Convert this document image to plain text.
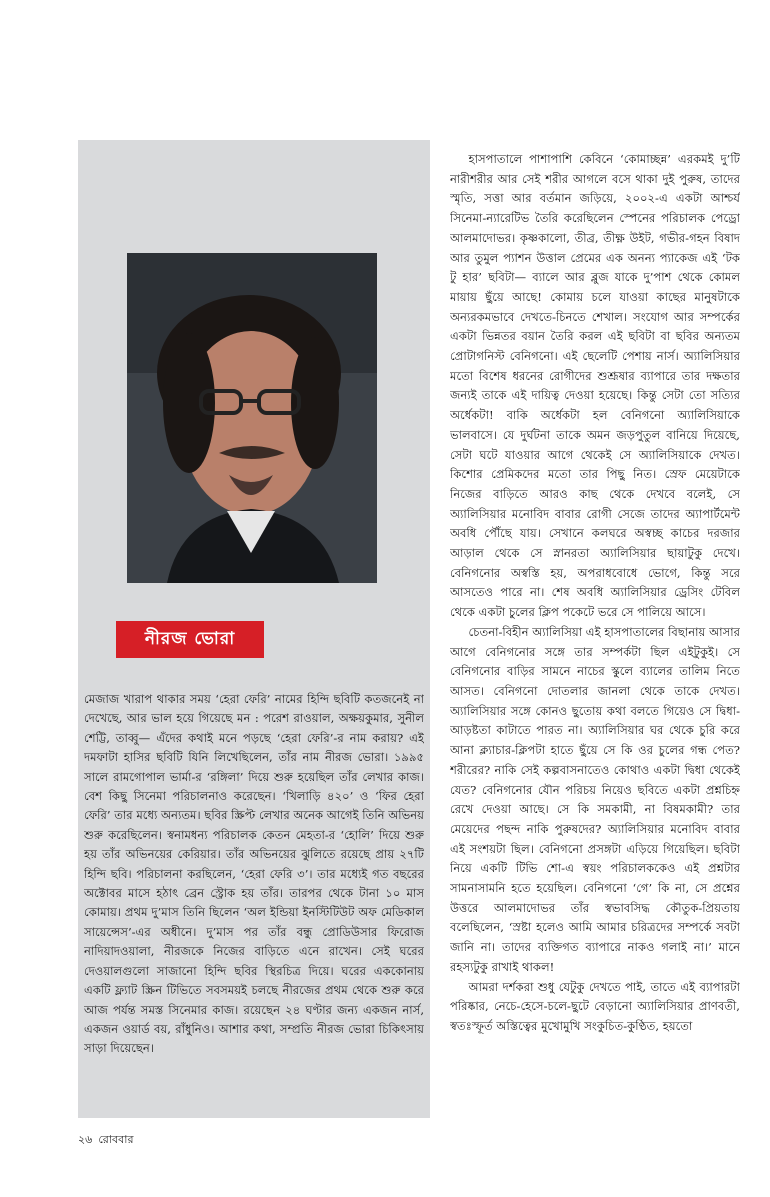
নীরজ ভোরা

মেজাজ খারাপ থাকার সময় ‘হেরা ফেরি’ নামের হিন্দি ছবিটি কতজনেই না দেখেছে, আর ভাল হয়ে গিয়েছে মন : পরেশ রাওয়াল, অক্ষয়কুমার, সুনীল শেট্টি, তাব্বু— এঁদের কথাই মনে পড়ছে ‘হেরা ফেরি’-র নাম করায়? এই দমফাটা হাসির ছবিটি যিনি লিখেছিলেন, তাঁর নাম নীরজ ভোরা। ১৯৯৫ সালে রামগোপাল ভার্মা-র ‘রঙ্গিলা’ দিয়ে শুরু হয়েছিল তাঁর লেখার কাজ। বেশ কিছু সিনেমা পরিচালনাও করেছেন। ‘খিলাড়ি ৪২০’ ও ‘ফির হেরা ফেরি’ তার মধ্যে অন্যতম। ছবির স্ক্রিপ্ট লেখার অনেক আগেই তিনি অভিনয় শুরু করেছিলেন। স্বনামধন্য পরিচালক কেতন মেহতা-র ‘হোলি’ দিয়ে শুরু হয় তাঁর অভিনয়ের কেরিয়ার। তাঁর অভিনয়ের ঝুলিতে রয়েছে প্রায় ২৭টি হিন্দি ছবি। পরিচালনা করছিলেন, ‘হেরা ফেরি ৩’। তার মধ্যেই গত বছরের অক্টোবর মাসে হঠাৎ ব্রেন স্ট্রোক হয় তাঁর। তারপর থেকে টানা ১০ মাস কোমায়। প্রথম দু’মাস তিনি ছিলেন ‘অল ইন্ডিয়া ইনস্টিটিউট অফ মেডিকাল সায়েন্সেস’-এর অধীনে। দু’মাস পর তাঁর বন্ধু প্রোডিউসার ফিরোজ নাদিয়াদওয়ালা, নীরজকে নিজের বাড়িতে এনে রাখেন। সেই ঘরের দেওয়ালগুলো সাজানো হিন্দি ছবির স্থিরচিত্র দিয়ে। ঘরের এককোনায় একটি ফ্ল্যাট স্ক্রিন টিভিতে সবসময়ই চলছে নীরজের প্রথম থেকে শুরু করে আজ পর্যন্ত সমস্ত সিনেমার কাজ। রয়েছেন ২৪ ঘণ্টার জন্য একজন নার্স, একজন ওয়ার্ড বয়, রাঁধুনিও। আশার কথা, সম্প্রতি নীরজ ভোরা চিকিৎসায় সাড়া দিয়েছেন।

হাসপাতালে পাশাপাশি কেবিনে ‘কোমাচ্ছন্ন’ এরকমই দু’টি নারীশরীর আর সেই শরীর আগলে বসে থাকা দুই পুরুষ, তাদের স্মৃতি, সত্তা আর বর্তমান জড়িয়ে, ২০০২-এ একটা আশ্চর্য সিনেমা-ন্যারেটিভ তৈরি করেছিলেন স্পেনের পরিচালক পেড্রো আলমাদোভর। কৃষ্ণকালো, তীব্র, তীক্ষ্ণ উইট, গভীর-গহন বিষাদ আর তুমুল প্যাশন উত্তাল প্রেমের এক অনন্য প্যাকেজ এই ‘টক টু হার’ ছবিটা— ব্যালে আর ব্লুজ যাকে দু’পাশ থেকে কোমল মায়ায় ছুঁয়ে আছে! কোমায় চলে যাওয়া কাছের মানুষটাকে অন্যরকমভাবে দেখতে-চিনতে শেখাল। সংযোগ আর সম্পর্কের একটা ভিন্নতর বয়ান তৈরি করল এই ছবিটা বা ছবির অন্যতম প্রোটাগনিস্ট বেনিগনো। এই ছেলেটি পেশায় নার্স। অ্যালিসিয়ার মতো বিশেষ ধরনের রোগীদের শুশ্রূষার ব্যাপারে তার দক্ষতার জন্যই তাকে এই দায়িত্ব দেওয়া হয়েছে। কিন্তু সেটা তো সত্যির অর্ধেকটা! বাকি অর্ধেকটা হল বেনিগনো অ্যালিসিয়াকে ভালবাসে। যে দুর্ঘটনা তাকে অমন জড়পুতুল বানিয়ে দিয়েছে, সেটা ঘটে যাওয়ার আগে থেকেই সে অ্যালিসিয়াকে দেখত। কিশোর প্রেমিকদের মতো তার পিছু নিত। স্রেফ মেয়েটাকে নিজের বাড়িতে আরও কাছ থেকে দেখবে বলেই, সে অ্যালিসিয়ার মনোবিদ বাবার রোগী সেজে তাদের অ্যাপার্টমেন্ট অবধি পৌঁছে যায়। সেখানে কলঘরে অস্বচ্ছ কাচের দরজার আড়াল থেকে সে স্নানরতা অ্যালিসিয়ার ছায়াটুকু দেখে। বেনিগনোর অস্বস্তি হয়, অপরাধবোধে ভোগে, কিন্তু সরে আসতেও পারে না। শেষ অবধি অ্যালিসিয়ার ড্রেসিং টেবিল থেকে একটা চুলের ক্লিপ পকেটে ভরে সে পালিয়ে আসে।

চেতনা-বিহীন অ্যালিসিয়া এই হাসপাতালের বিছানায় আসার আগে বেনিগনোর সঙ্গে তার সম্পর্কটা ছিল এইটুকুই। সে বেনিগনোর বাড়ির সামনে নাচের স্কুলে ব্যালের তালিম নিতে আসত। বেনিগনো দোতলার জানলা থেকে তাকে দেখত। অ্যালিসিয়ার সঙ্গে কোনও ছুতোয় কথা বলতে গিয়েও সে দ্বিধা-আড়ষ্টতা কাটাতে পারত না। অ্যালিসিয়ার ঘর থেকে চুরি করে আনা ক্ল্যাচার-ক্লিপটা হাতে ছুঁয়ে সে কি ওর চুলের গন্ধ পেত? শরীরের? নাকি সেই কল্পবাসনাতেও কোথাও একটা দ্বিধা থেকেই যেত? বেনিগনোর যৌন পরিচয় নিয়েও ছবিতে একটা প্রশ্নচিহ্ন রেখে দেওয়া আছে। সে কি সমকামী, না বিষমকামী? তার মেয়েদের পছন্দ নাকি পুরুষদের? অ্যালিসিয়ার মনোবিদ বাবার এই সংশয়টা ছিল। বেনিগনো প্রসঙ্গটা এড়িয়ে গিয়েছিল। ছবিটা নিয়ে একটি টিভি শো-এ স্বয়ং পরিচালককেও এই প্রশ্নটার সামনাসামনি হতে হয়েছিল। বেনিগনো ‘গে’ কি না, সে প্রশ্নের উত্তরে আলমাদোভর তাঁর স্বভাবসিদ্ধ কৌতুক-প্রিয়তায় বলেছিলেন, ‘স্রষ্টা হলেও আমি আমার চরিত্রদের সম্পর্কে সবটা জানি না। তাদের ব্যক্তিগত ব্যাপারে নাকও গলাই না।’ মানে রহস্যটুকু রাখাই থাকল!

আমরা দর্শকরা শুধু যেটুকু দেখতে পাই, তাতে এই ব্যাপারটা পরিষ্কার, নেচে-হেসে-চলে-ছুটে বেড়ানো অ্যালিসিয়ার প্রাণবতী, স্বতঃস্ফূর্ত অস্তিত্বের মুখোমুখি সংকুচিত-কুণ্ঠিত, হয়তো

২৬ রোববার
